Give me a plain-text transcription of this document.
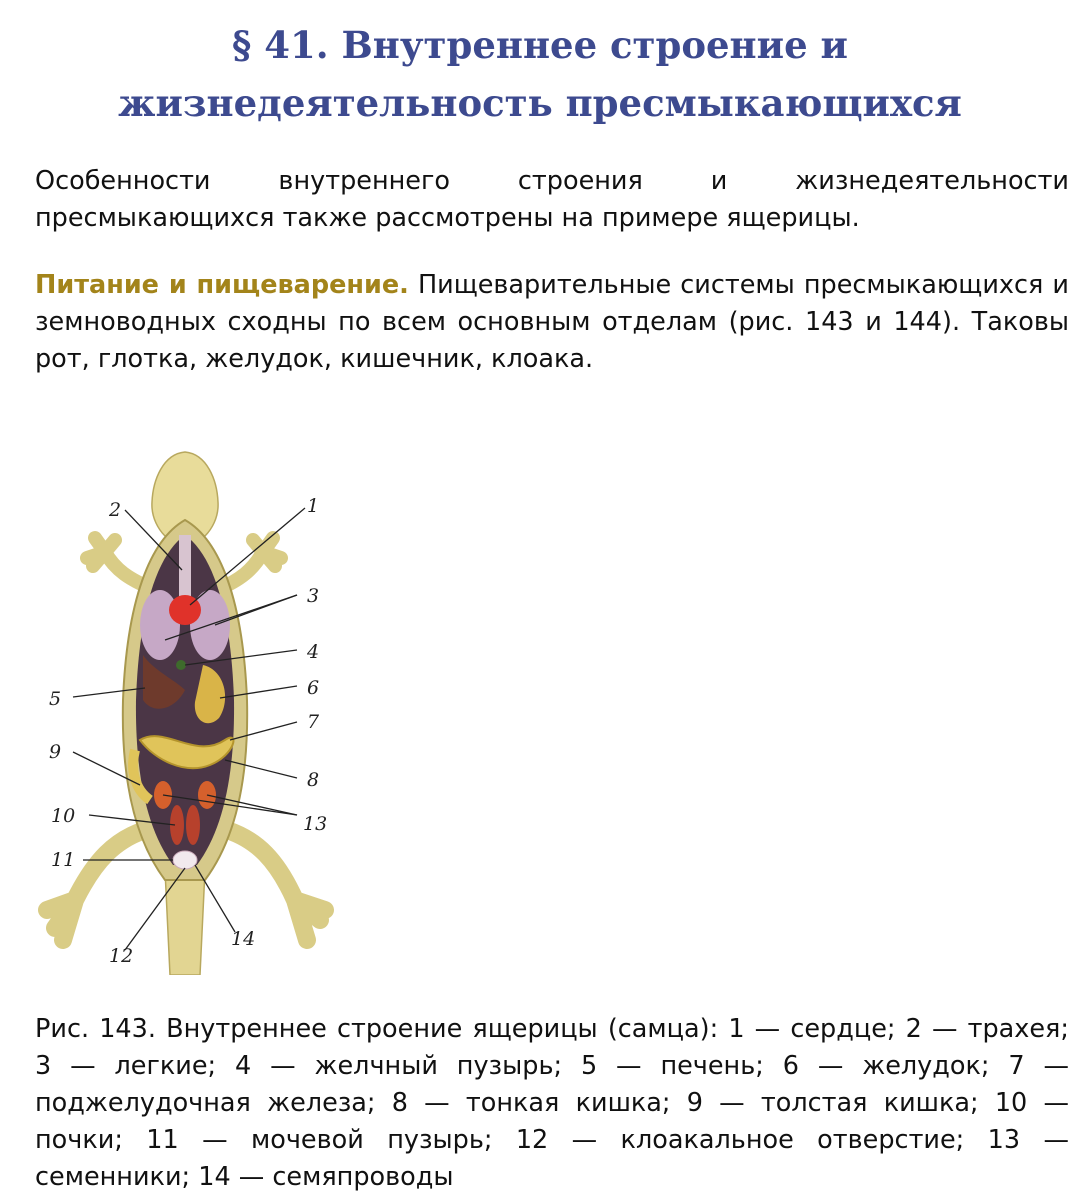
§ 41. Внутреннее строение и
жизнедеятельность пресмыкающихся

Особенности внутреннего строения и жизнедеятельности пресмыкающихся также рассмотрены на примере ящерицы.

Питание и пищеварение. Пищеварительные системы пресмыкающихся и земноводных сходны по всем основным отделам (рис. 143 и 144). Таковы рот, глотка, желудок, кишечник, клоака.

1
2
3
4
5	6
7
8
9
10
11
12
13
14

Рис. 143. Внутреннее строение ящерицы (самца): 1 — сердце; 2 — трахея; 3 — легкие; 4 — желчный пузырь; 5 — печень; 6 — желудок; 7 — поджелудочная железа; 8 — тонкая кишка; 9 — толстая кишка; 10 — почки; 11 — мочевой пузырь; 12 — клоакальное отверстие; 13 — семенники; 14 — семяпроводы
